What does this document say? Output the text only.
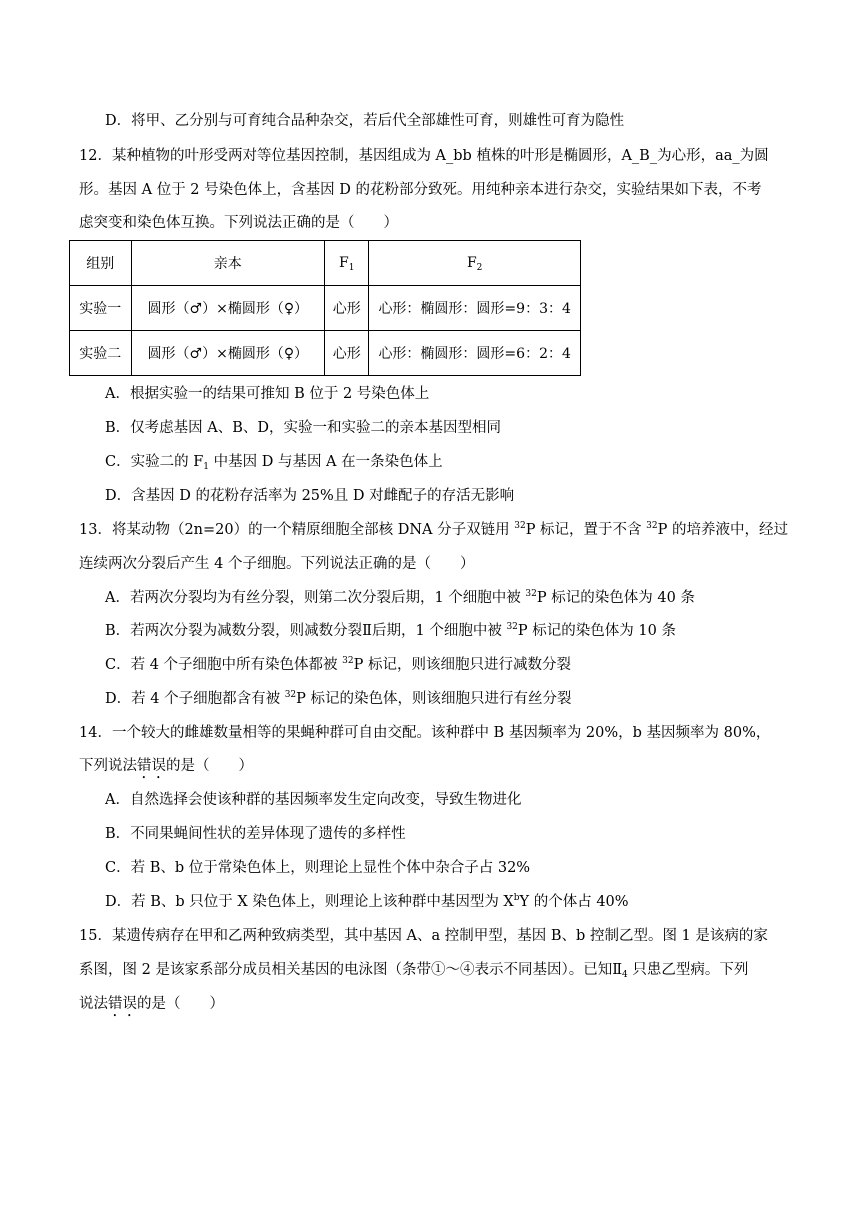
D．将甲、乙分别与可育纯合品种杂交，若后代全部雄性可育，则雄性可育为隐性
12．某种植物的叶形受两对等位基因控制，基因组成为 A_bb 植株的叶形是椭圆形，A_B_为心形，aa_为圆
形。基因 A 位于 2 号染色体上，含基因 D 的花粉部分致死。用纯种亲本进行杂交，实验结果如下表，不考
虑突变和染色体互换。下列说法正确的是（　　）
组别	亲本	$F_1$	$F_2$
实验一	圆形（♂）×椭圆形（♀）	心形	心形：椭圆形：圆形=9：3：4
实验二	圆形（♂）×椭圆形（♀）	心形	心形：椭圆形：圆形=6：2：4
A．根据实验一的结果可推知 B 位于 2 号染色体上
B．仅考虑基因 A、B、D，实验一和实验二的亲本基因型相同
C．实验二的 $F_1$ 中基因 D 与基因 A 在一条染色体上
D．含基因 D 的花粉存活率为 25%且 D 对雌配子的存活无影响
13．将某动物（2n=20）的一个精原细胞全部核 DNA 分子双链用 $^{32}$P 标记，置于不含 $^{32}$P 的培养液中，经过
连续两次分裂后产生 4 个子细胞。下列说法正确的是（　　）
A．若两次分裂均为有丝分裂，则第二次分裂后期，1 个细胞中被 $^{32}$P 标记的染色体为 40 条
B．若两次分裂为减数分裂，则减数分裂Ⅱ后期，1 个细胞中被 $^{32}$P 标记的染色体为 10 条
C．若 4 个子细胞中所有染色体都被 $^{32}$P 标记，则该细胞只进行减数分裂
D．若 4 个子细胞都含有被 $^{32}$P 标记的染色体，则该细胞只进行有丝分裂
14．一个较大的雌雄数量相等的果蝇种群可自由交配。该种群中 B 基因频率为 20%，b 基因频率为 80%，
下列说法错误的是（　　）
A．自然选择会使该种群的基因频率发生定向改变，导致生物进化
B．不同果蝇间性状的差异体现了遗传的多样性
C．若 B、b 位于常染色体上，则理论上显性个体中杂合子占 32%
D．若 B、b 只位于 X 染色体上，则理论上该种群中基因型为 $X^bY$ 的个体占 40%
15．某遗传病存在甲和乙两种致病类型，其中基因 A、a 控制甲型，基因 B、b 控制乙型。图 1 是该病的家
系图，图 2 是该家系部分成员相关基因的电泳图（条带①～④表示不同基因）。已知$Ⅱ_4$ 只患乙型病。下列
说法错误的是（　　）
